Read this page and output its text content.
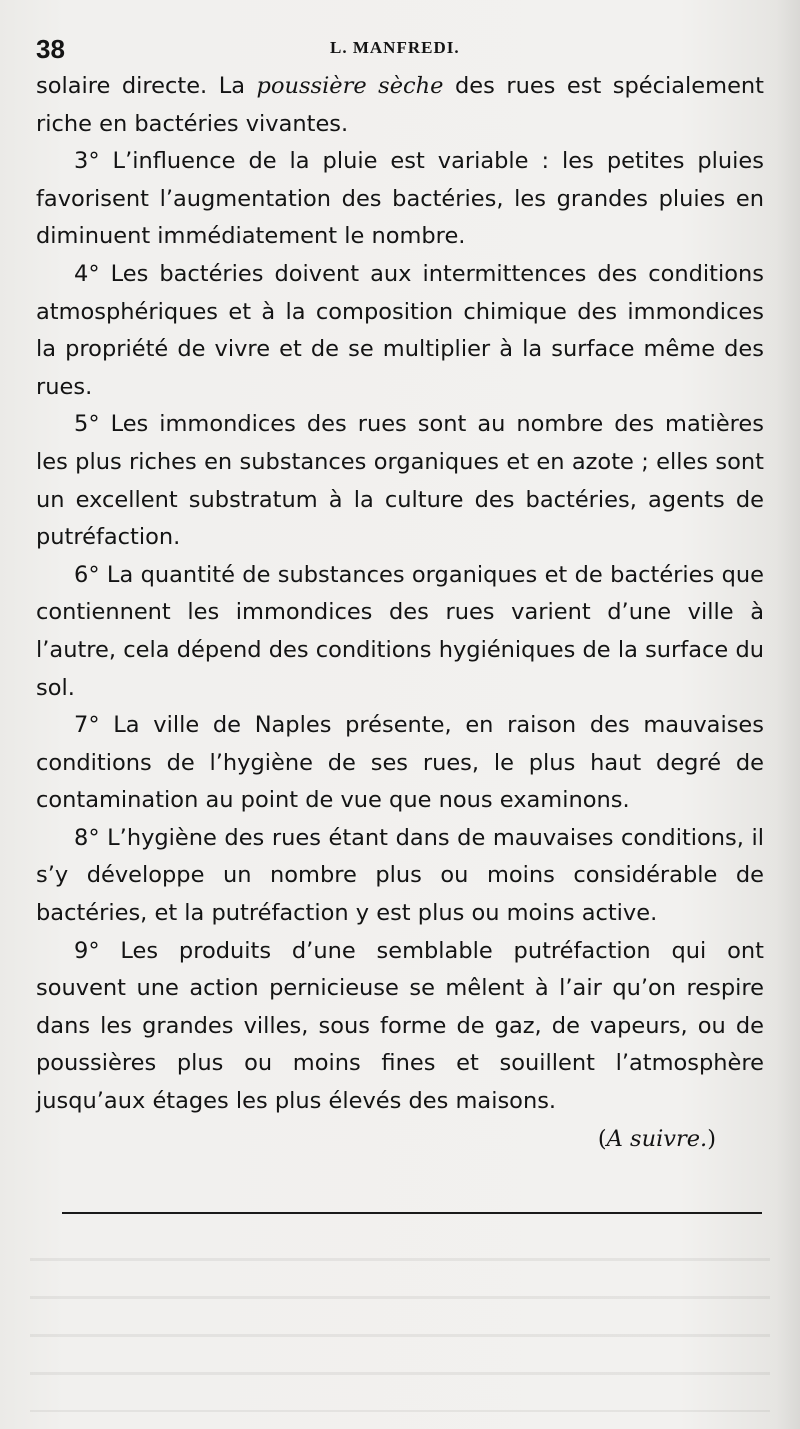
38	L. MANFREDI.

solaire directe. La poussière sèche des rues est spécialement riche en bactéries vivantes.

3° L’influence de la pluie est variable : les petites pluies favorisent l’augmentation des bactéries, les grandes pluies en diminuent immédiatement le nombre.

4° Les bactéries doivent aux intermittences des conditions atmosphériques et à la composition chimique des immondices la propriété de vivre et de se multiplier à la surface même des rues.

5° Les immondices des rues sont au nombre des matières les plus riches en substances organiques et en azote ; elles sont un excellent substratum à la culture des bactéries, agents de putréfaction.

6° La quantité de substances organiques et de bactéries que contiennent les immondices des rues varient d’une ville à l’autre, cela dépend des conditions hygiéniques de la surface du sol.

7° La ville de Naples présente, en raison des mauvaises conditions de l’hygiène de ses rues, le plus haut degré de contamination au point de vue que nous examinons.

8° L’hygiène des rues étant dans de mauvaises conditions, il s’y développe un nombre plus ou moins considérable de bactéries, et la putréfaction y est plus ou moins active.

9° Les produits d’une semblable putréfaction qui ont souvent une action pernicieuse se mêlent à l’air qu’on respire dans les grandes villes, sous forme de gaz, de vapeurs, ou de poussières plus ou moins fines et souillent l’atmosphère jusqu’aux étages les plus élevés des maisons.

(A suivre.)
